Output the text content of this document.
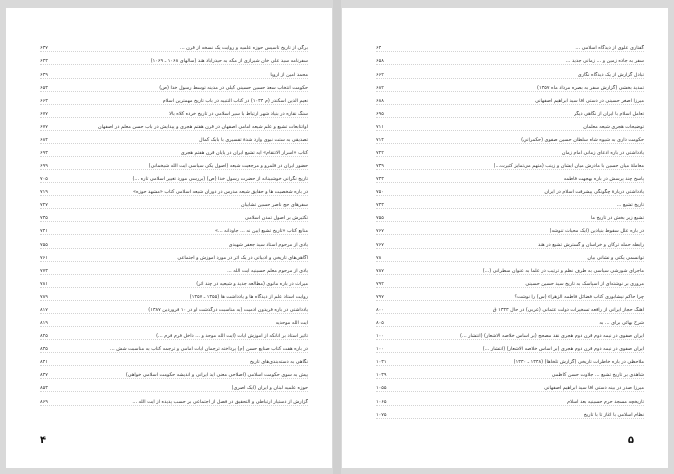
برگی از تاریخ تأسیس حوزه علمیه و روایت یک نسخه از قرن ...
۶۳۷
سفرنامه سید علی خان شیرازی از مکه به حیدرآباد هند (سالهای ۱۰۶۸ ـ ۱۰۶۹)
۶۴۳
محمد امین از اروپا
۶۴۹
حکومت انتخاب سعد حسین حسینی کیلی در مدینه توسط رسول خدا (ص)
۶۵۳
نعیم الدین اسکندر (م ۱۰۳۴) در کتاب التنبیه در باب تاریخ مهمترین اسلام
۶۶۳
سنگ نقاره در بنیاد شهر ارتباط با سیر اسلامی در تاریخ خرده کلاه بالا
۶۷۷
اوانتابعات تشیع و علم شیعه امامی اصفهان در قرن هفتم هجری و پیدایش در باب حسن معلم در اصفهان
۶۷۷
تصدیقی به ستت نبوی وارد شدهٔ تفسیری با بابک کمال
۶۸۴
کتاب «اسرار الانتقام» آیه تشیع ایران در پایان قرن هفتم هجری
۶۹۳
حضور ایران در قلمرو و مرجعیت شیعه (اصول یکی سیاسی آیت الله شیخمانی)
۶۹۹
تاریخ نگرانی خوشبینانه از حضرت رسول خدا (ص) (بررسی مورد تغییر اسلامی تاره ...)
۷۰۵
در باره شخصیت ها و حقایق شیعه مدرس در دوران شیعه اسلامی کتاب «مشهد حوزه»
۷۱۹
سفرهای حج ناصر حسین تشابیان
۷۲۷
تکثیرش بر اصول تمدن اسلامی
۷۳۵
منابع کتاب «تاریخ تشیع آیین نه ... جاودانه ...»
۷۴۱
یادی از مرحوم استاد سید جعفر شهیدی
۷۵۵
آگاهی‌های تاریخی و ادبیاتی در یک اثر در مورد آموزش و اجتماعی
۷۶۱
یادی از مرحوم معلم حسینیه آیت الله ...
۷۷۳
میراث در باره مانوی (مطالعه جدید و شیعیه در چند اثر)
۷۸۱
روایت استاد علم از دیدگاه ها و یادداشت ها (۱۳۵۵ ـ ۱۳۵۷)
۷۸۹
یادداشتی در باره فریدون آدمیت (به مناسبت درگذشت او در ۱۰ فروردین ۱۳۸۷)
۸۱۷
آیت الله موحدیه
۸۱۹
تاثیر استاد بر آنانکه از آموزش آیات (آیت الله موحد و ... داخل فرم فرم ...)
۸۲۵
در باره هفت کتاب صنایع حسن (م) پرداخته ترجمان آیات امامی و ترجمه کتاب به مناسبت شش ...
۸۳۵
نگاهی به دسته‌بندی‌های تاریخ
۸۴۱
پیش به سوی حکومت اسلامی (اصلاحی معنی اید ایرانی و اندیشه حکومت اسلامی خواهی)
۸۴۷
حوزه علمیه لبنان و ایران (ایک اصری)
۸۵۳
گزارش از دستیار ارتباطی و التحقیق در فصل از اجتماعی بر حسب پدیده از آیت الله ...
۸۶۹
۴
گفتاری علوی از دیدگاه اسلامی ...
۶۴
سفر به جاده زمین و ... زمانی جدید ...
۶۵۸
تبادل گزارش از یک دیدگاه نگاری
۶۶۲
تمدید بخشی (گزارش سفر به بصره مرداد ماه ۱۳۵۷)
۶۸۲
میرزا اصغر حسینی در دستی آقا سید ابراهیم اصفهانی
۶۸۸
تعامل اسلام با ایران از نگاهی دیگر
۶۹۵
توضیحات هجری شیعه معلمان
۷۱۱
حکومت داری به شیوه شاه سلطان حسین صفوی (حکمراني)
۷۱۴
یادداشتی در باره ادعای زمانی امام زمان
۷۲۲
معاملهٔ میان حسین با مادرش میان ایشان و زینب (متهم می‌تمایز کثیرت...)
۷۳۹
پاسخ چند پرسش در باره بهجهت فاطمه
۷۴۳
یادداشتی دربارهٔ چگونگی پیشرفت اسلام در ایران
۷۵۰
تاریخ تشیع ...
۷۴۳
تشیع زیر بخش در تاریخ ما
۷۵۵
در باره علل سقوط بنیادین (ایک محیاث تنوشه)
۷۶۷
رابطه حمله ترکان و خراسان و گسترش تشیع در هند
۷۶۷
توانسمی یکتی و نشانی بیان
۷۸
ماجرای شورشی سیاسی به طرف نظم و ترتیب در علما به عنوان سطرانی (...)
۷۸۷
مروری بر نوشته‌ای از اسپاسک به تاریخ سید حسین حسینی
۷۹۲
چرا حاکم نیشابوری کتاب فضائل فاطمه الزهراء (س) را نوشت؟
۷۹۷
آهنگ حجاز ایرانی از رافعه تسخیرات دولت عثمانی (عربی) در حال ۱۳۳۳ ق
۸۰۰
شرح بهائی برای ... به
۸۰۵
ایران صفوی در نیمه دوم قرن دوم هجری نقد مصحح (بر اساس خلاصه الاشعار) (انتشار ...)
۱۰۰
ایران صفوی در نیمه دوم قرن دوم هجری (بر اساس خلاصه الاشعار) (انتشار ...)
۱۰۰
ملاحظی در باره خاطرات تاریخی (گزارش تلخاها) (۱۳۴۸ ـ ۱۳۳۰)
۱۰۳۱
شاهدی بر تاریخ تشیع ... جلاوت حسن کاظمی
۱۰۳۹
میرزا صدر در بینه دستی آقا سید ابراهیم اصفهانی
۱۰۵۵
تاریخچه مسجد حرم حسینیه بعد اسلام
۱۰۶۵
نظام اسلامی با آغاز تا با تاریخ
۱۰۷۵
۵
